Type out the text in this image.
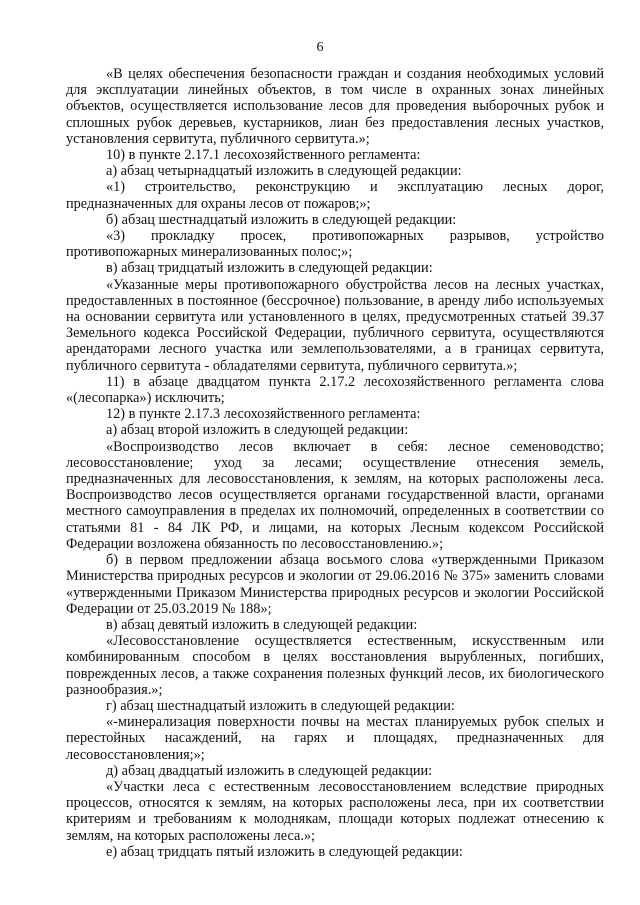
6

«В целях обеспечения безопасности граждан и создания необходимых условий для эксплуатации линейных объектов, в том числе в охранных зонах линейных объектов, осуществляется использование лесов для проведения выборочных рубок и сплошных рубок деревьев, кустарников, лиан без предоставления лесных участков, установления сервитута, публичного сервитута.»;

10) в пункте 2.17.1 лесохозяйственного регламента:

а) абзац четырнадцатый изложить в следующей редакции:

«1) строительство, реконструкцию и эксплуатацию лесных дорог, предназначенных для охраны лесов от пожаров;»;

б) абзац шестнадцатый изложить в следующей редакции:

«3) прокладку просек, противопожарных разрывов, устройство противопожарных минерализованных полос;»;

в) абзац тридцатый изложить в следующей редакции:

«Указанные меры противопожарного обустройства лесов на лесных участках, предоставленных в постоянное (бессрочное) пользование, в аренду либо используемых на основании сервитута или установленного в целях, предусмотренных статьей 39.37 Земельного кодекса Российской Федерации, публичного сервитута, осуществляются арендаторами лесного участка или землепользователями, а в границах сервитута, публичного сервитута - обладателями сервитута, публичного сервитута.»;

11) в абзаце двадцатом пункта 2.17.2 лесохозяйственного регламента слова «(лесопарка») исключить;

12) в пункте 2.17.3 лесохозяйственного регламента:

а) абзац второй изложить в следующей редакции:

«Воспроизводство лесов включает в себя: лесное семеноводство; лесовосстановление; уход за лесами; осуществление отнесения земель, предназначенных для лесовосстановления, к землям, на которых расположены леса. Воспроизводство лесов осуществляется органами государственной власти, органами местного самоуправления в пределах их полномочий, определенных в соответствии со статьями 81 - 84 ЛК РФ, и лицами, на которых Лесным кодексом Российской Федерации возложена обязанность по лесовосстановлению.»;

б) в первом предложении абзаца восьмого слова «утвержденными Приказом Министерства природных ресурсов и экологии от 29.06.2016 № 375» заменить словами «утвержденными Приказом Министерства природных ресурсов и экологии Российской Федерации от 25.03.2019 № 188»;

в) абзац девятый изложить в следующей редакции:

«Лесовосстановление осуществляется естественным, искусственным или комбинированным способом в целях восстановления вырубленных, погибших, поврежденных лесов, а также сохранения полезных функций лесов, их биологического разнообразия.»;

г) абзац шестнадцатый изложить в следующей редакции:

«-минерализация поверхности почвы на местах планируемых рубок спелых и перестойных насаждений, на гарях и площадях, предназначенных для лесовосстановления;»;

д) абзац двадцатый изложить в следующей редакции:

«Участки леса с естественным лесовосстановлением вследствие природных процессов, относятся к землям, на которых расположены леса, при их соответствии критериям и требованиям к молоднякам, площади которых подлежат отнесению к землям, на которых расположены леса.»;

е) абзац тридцать пятый изложить в следующей редакции:
